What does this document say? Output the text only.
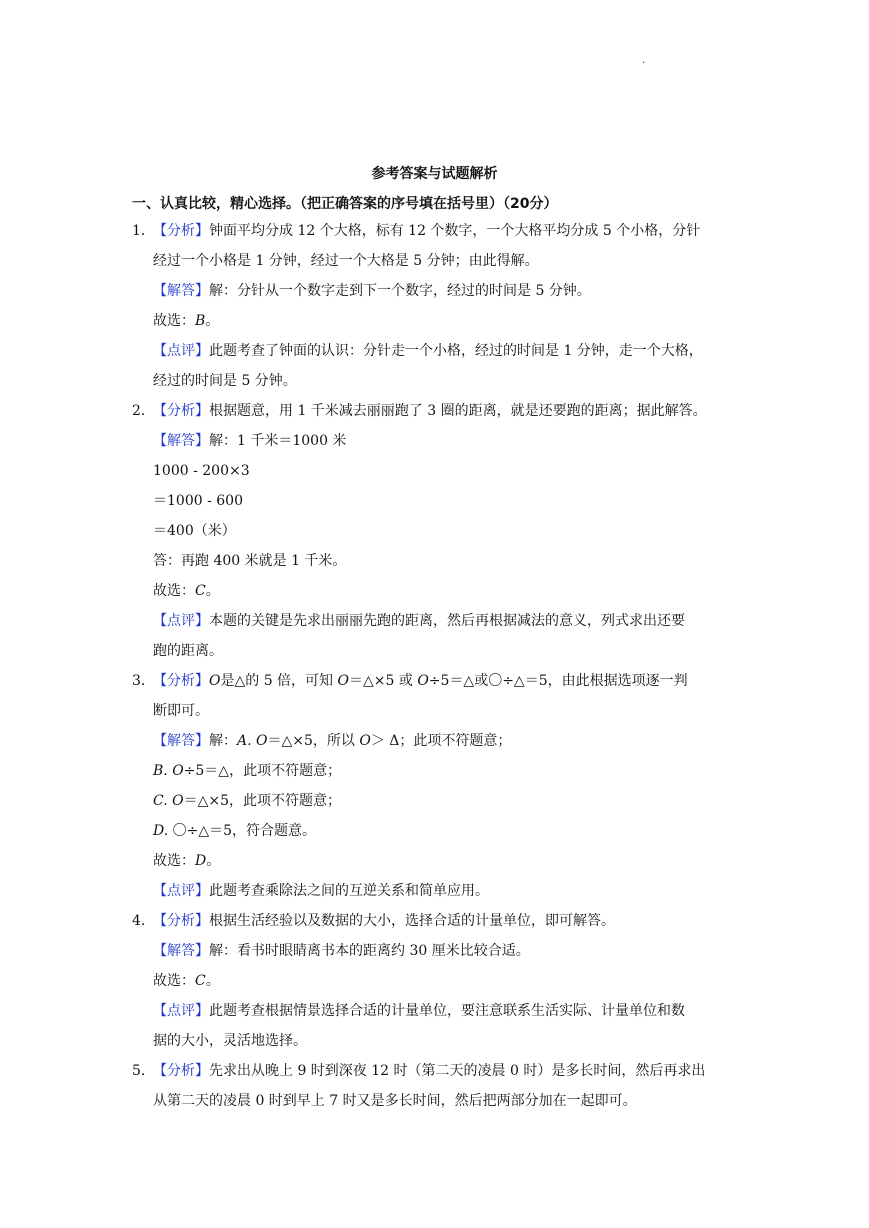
·
参考答案与试题解析
一、认真比较，精心选择。（把正确答案的序号填在括号里）（20分）
1．【分析】钟面平均分成 12 个大格，标有 12 个数字，一个大格平均分成 5 个小格，分针
经过一个小格是 1 分钟，经过一个大格是 5 分钟；由此得解。
【解答】解：分针从一个数字走到下一个数字，经过的时间是 5 分钟。
故选：B。
【点评】此题考查了钟面的认识：分针走一个小格，经过的时间是 1 分钟，走一个大格，
经过的时间是 5 分钟。
2．【分析】根据题意，用 1 千米减去丽丽跑了 3 圈的距离，就是还要跑的距离；据此解答。
【解答】解：1 千米＝1000 米
1000 - 200×3
＝1000 - 600
＝400（米）
答：再跑 400 米就是 1 千米。
故选：C。
【点评】本题的关键是先求出丽丽先跑的距离，然后再根据减法的意义，列式求出还要
跑的距离。
3．【分析】O是△的 5 倍，可知 O＝△×5 或 O÷5＝△或〇÷△＝5，由此根据选项逐一判
断即可。
【解答】解：A. O＝△×5，所以 O＞ Δ；此项不符题意；
B. O÷5＝△，此项不符题意；
C. O＝△×5，此项不符题意；
D. 〇÷△＝5，符合题意。
故选：D。
【点评】此题考查乘除法之间的互逆关系和简单应用。
4．【分析】根据生活经验以及数据的大小，选择合适的计量单位，即可解答。
【解答】解：看书时眼睛离书本的距离约 30 厘米比较合适。
故选：C。
【点评】此题考查根据情景选择合适的计量单位，要注意联系生活实际、计量单位和数
据的大小，灵活地选择。
5．【分析】先求出从晚上 9 时到深夜 12 时（第二天的凌晨 0 时）是多长时间，然后再求出
从第二天的凌晨 0 时到早上 7 时又是多长时间，然后把两部分加在一起即可。
